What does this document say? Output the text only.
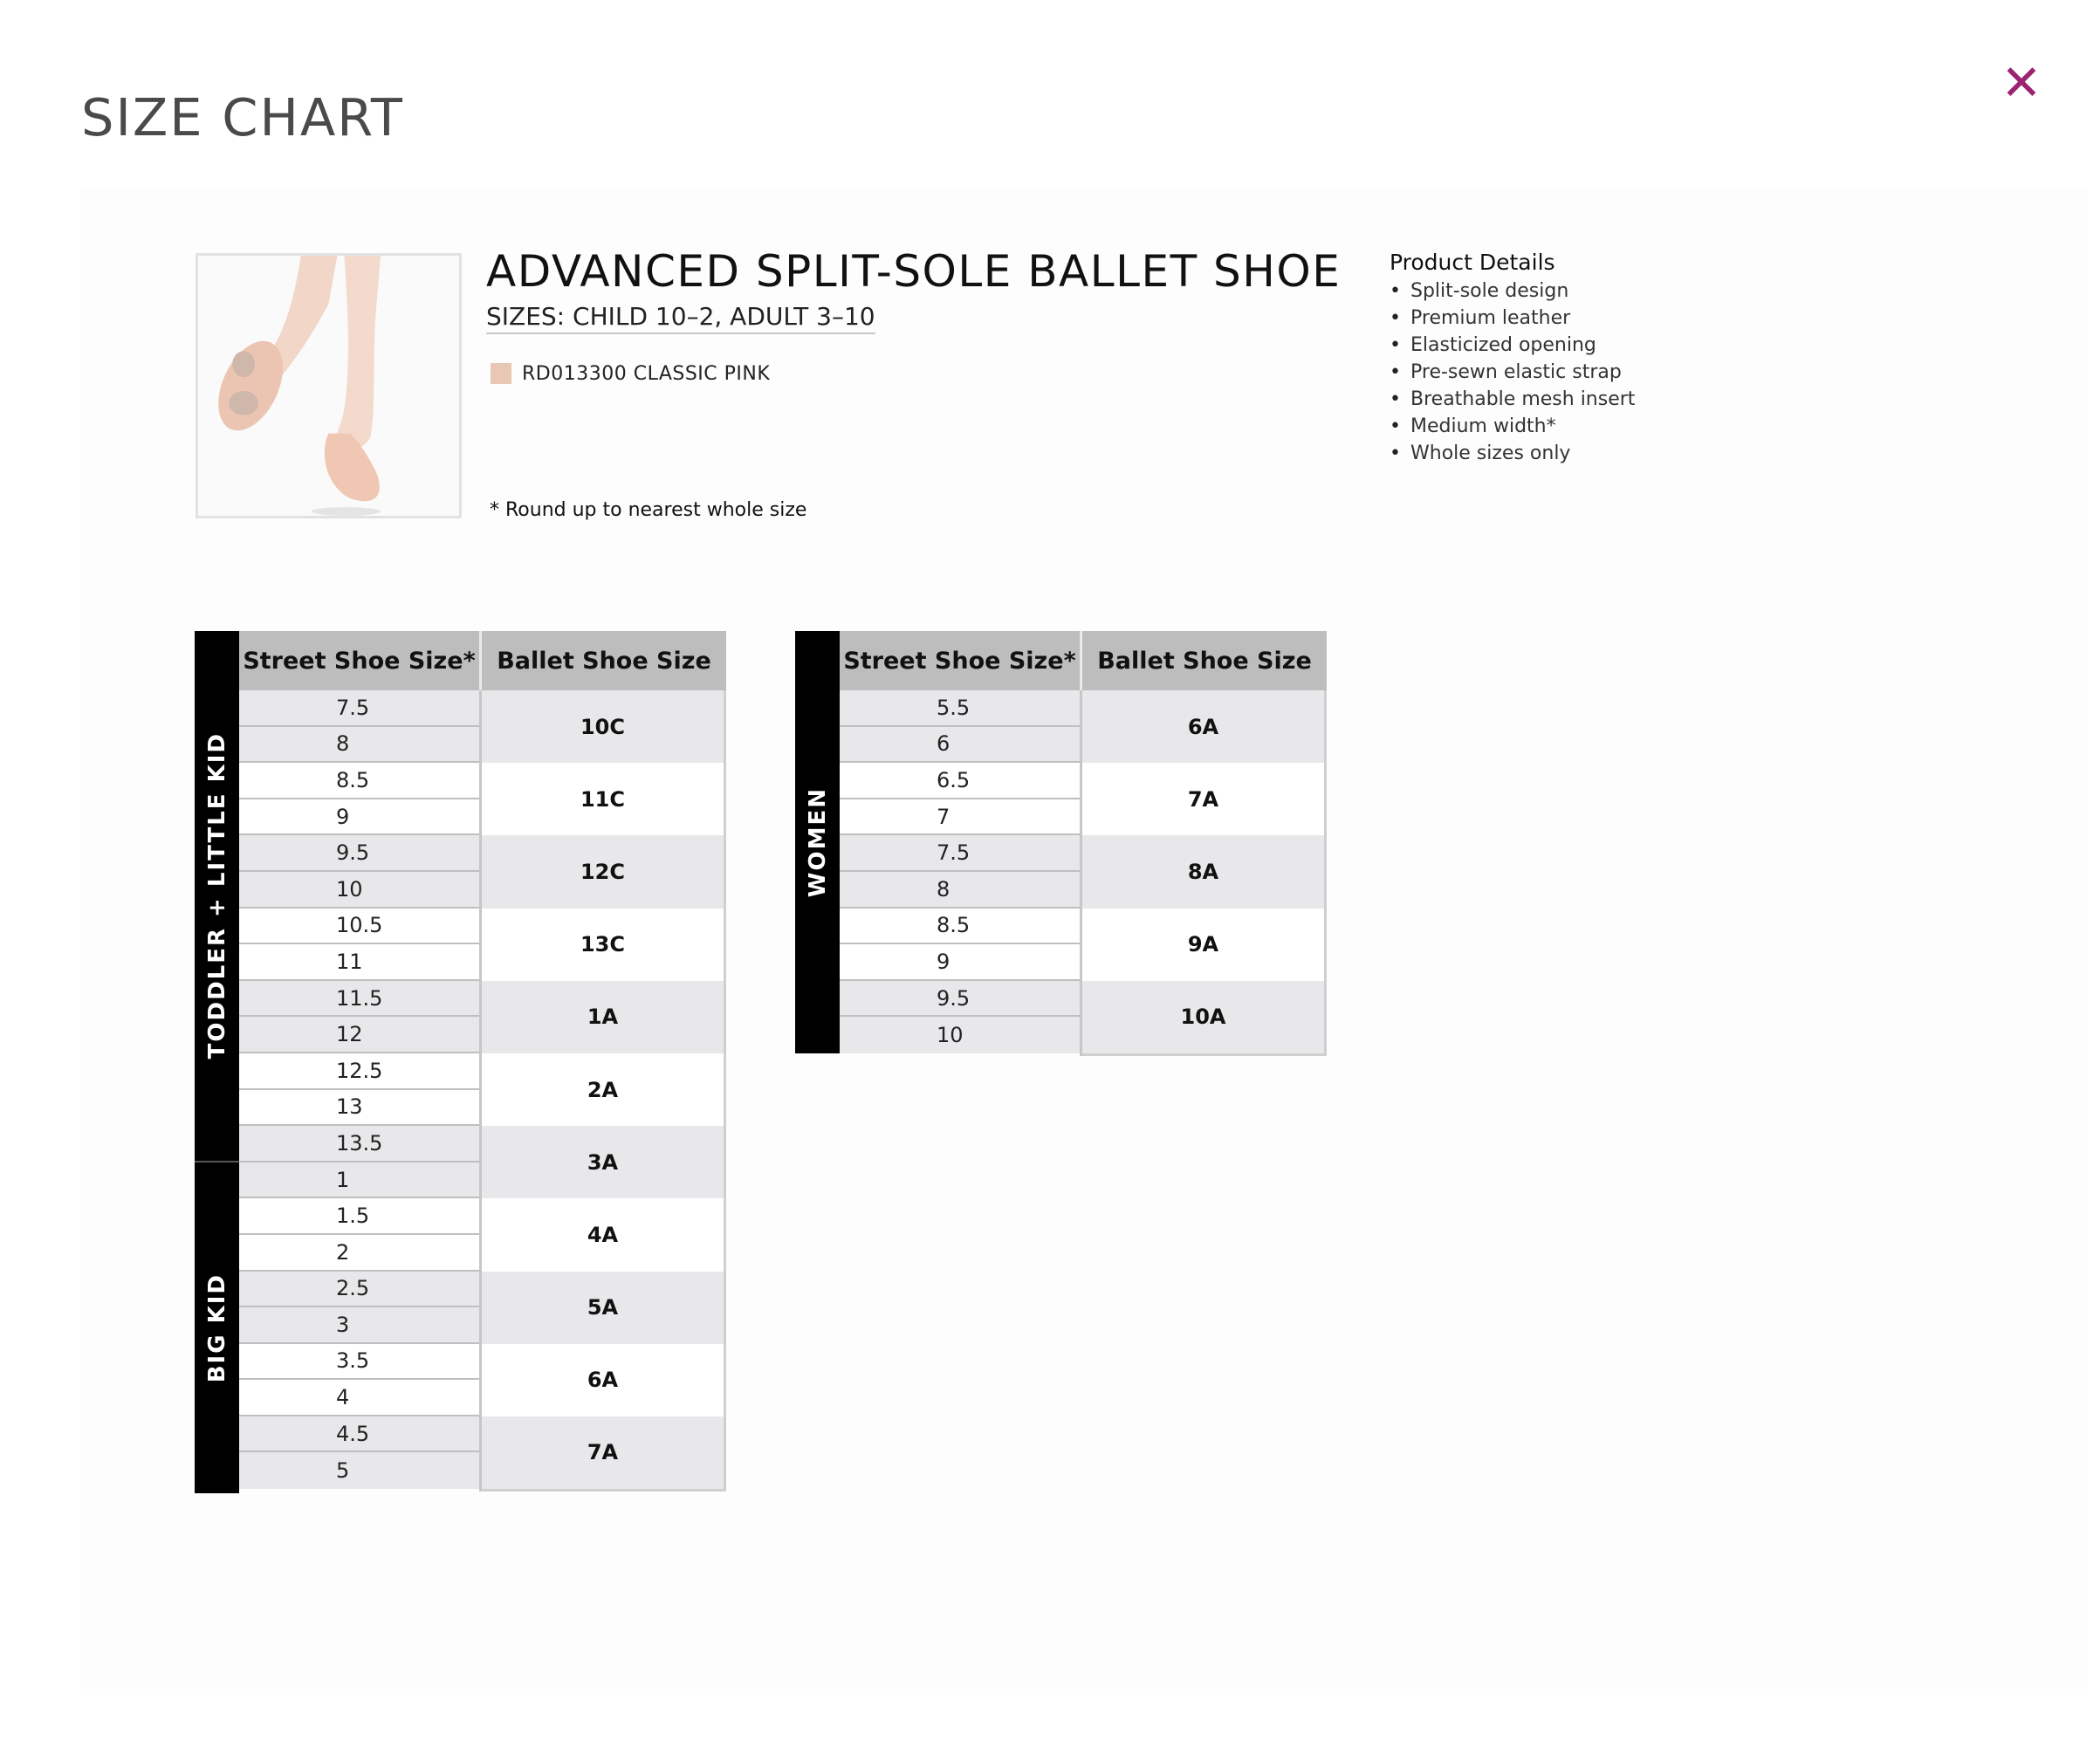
SIZE CHART
✕
ADVANCED SPLIT-SOLE BALLET SHOE
SIZES: CHILD 10–2, ADULT 3–10
RD013300 CLASSIC PINK
* Round up to nearest whole size
Product Details
• Split-sole design
• Premium leather
• Elasticized opening
• Pre-sewn elastic strap
• Breathable mesh insert
• Medium width*
• Whole sizes only
TODDLER + LITTLE KID
BIG KID
Street Shoe Size* Ballet Shoe Size
7.5
8
8.5
9
9.5
10
10.5
11
11.5
12
12.5
13
13.5
1
1.5
2
2.5
3
3.5
4
4.5
5
10C
11C
12C
13C
1A
2A
3A
4A
5A
6A
7A
WOMEN
Street Shoe Size* Ballet Shoe Size
5.5
6
6.5
7
7.5
8
8.5
9
9.5
10
6A
7A
8A
9A
10A
